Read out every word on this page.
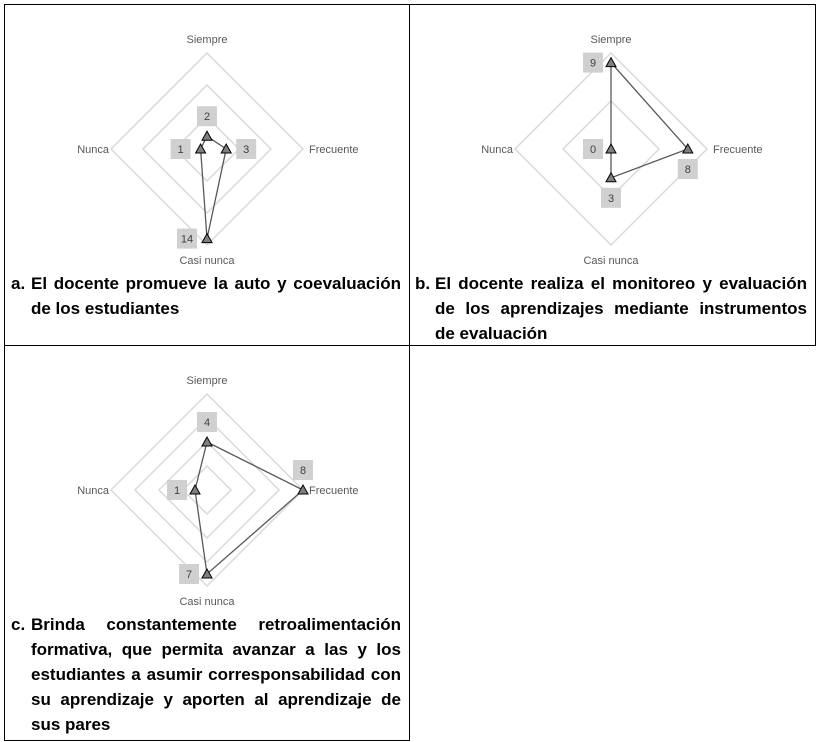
Siempre
Frecuente
Casi nunca
Nunca
2
3
14
1
a. El docente promueve la auto y coevaluación de los estudiantes
Siempre
Frecuente
Casi nunca
Nunca
9
8
3
0
b. El docente realiza el monitoreo y evaluación de los aprendizajes mediante instrumentos de evaluación
Siempre
Frecuente
Casi nunca
Nunca
4
8
7
1
c. Brinda constantemente retroalimentación formativa, que permita avanzar a las y los estudiantes a asumir corresponsabilidad con su aprendizaje y aporten al aprendizaje de sus pares
